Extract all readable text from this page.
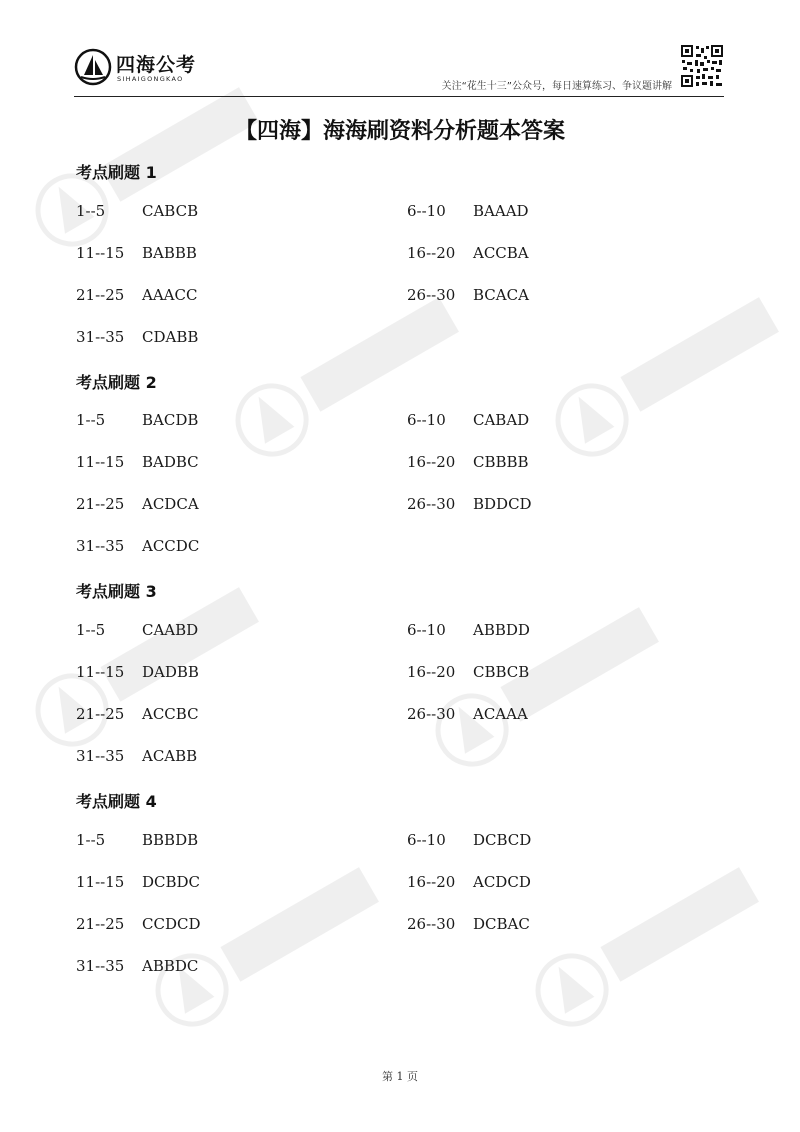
四海公考
SIHAIGONGKAO
关注“花生十三”公众号，每日速算练习、争议题讲解
【四海】海海刷资料分析题本答案
考点刷题 1
1--5 CABCB	6--10 BAAAD
11--15 BABBB	16--20 ACCBA
21--25 AAACC	26--30 BCACA
31--35 CDABB
考点刷题 2
1--5 BACDB	6--10 CABAD
11--15 BADBC	16--20 CBBBB
21--25 ACDCA	26--30 BDDCD
31--35 ACCDC
考点刷题 3
1--5 CAABD	6--10 ABBDD
11--15 DADBB	16--20 CBBCB
21--25 ACCBC	26--30 ACAAA
31--35 ACABB
考点刷题 4
1--5 BBBDB	6--10 DCBCD
11--15 DCBDC	16--20 ACDCD
21--25 CCDCD	26--30 DCBAC
31--35 ABBDC
第 1 页
